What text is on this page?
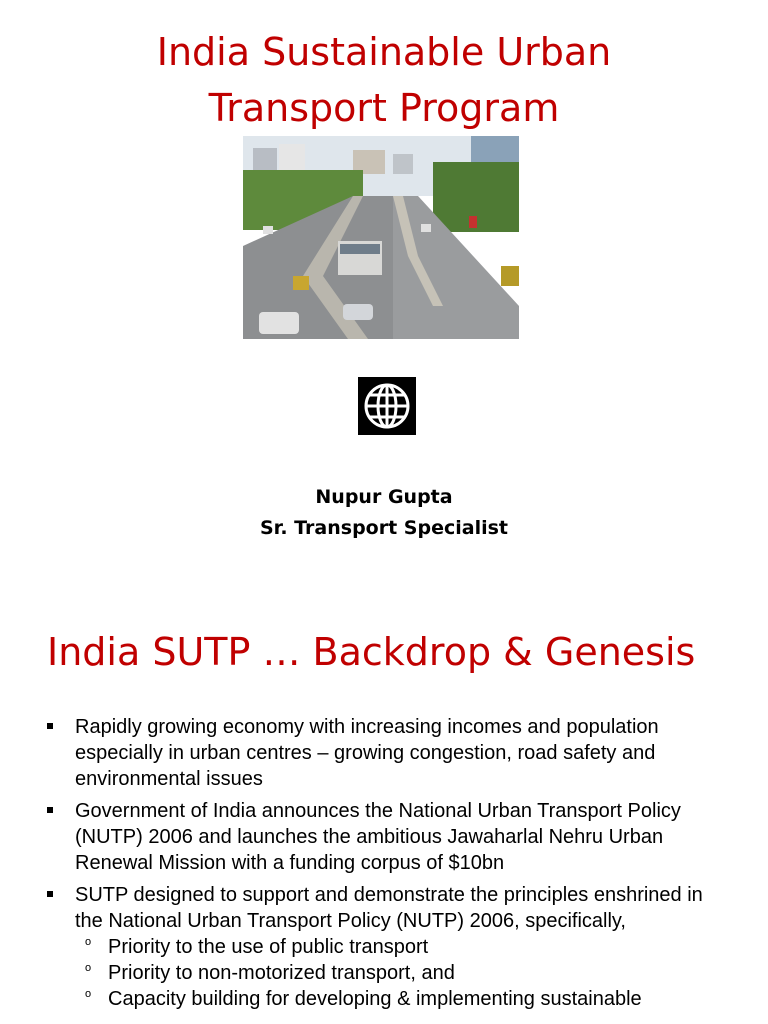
India Sustainable Urban
Transport Program
Nupur Gupta
Sr. Transport Specialist
India SUTP … Backdrop & Genesis
Rapidly growing economy with increasing incomes and population especially in urban centres – growing congestion, road safety and environmental issues
Government of India announces the National Urban Transport Policy (NUTP) 2006 and launches the ambitious Jawaharlal Nehru Urban Renewal Mission with a funding corpus of $10bn
SUTP designed to support and demonstrate the principles enshrined in the National Urban Transport Policy (NUTP) 2006, specifically,
o Priority to the use of public transport
o Priority to non-motorized transport, and
o Capacity building for developing & implementing sustainable
